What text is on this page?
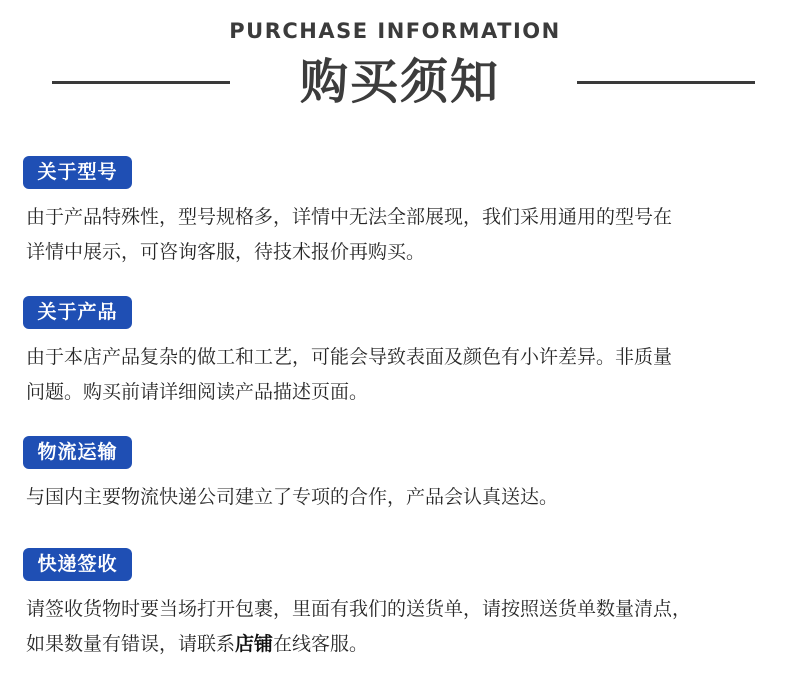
PURCHASE INFORMATION
购买须知
关于型号
由于产品特殊性，型号规格多，详情中无法全部展现，我们采用通用的型号在
详情中展示，可咨询客服，待技术报价再购买。
关于产品
由于本店产品复杂的做工和工艺，可能会导致表面及颜色有小许差异。非质量
问题。购买前请详细阅读产品描述页面。
物流运输
与国内主要物流快递公司建立了专项的合作，产品会认真送达。
快递签收
请签收货物时要当场打开包裹，里面有我们的送货单，请按照送货单数量清点，
如果数量有错误，请联系店铺在线客服。
